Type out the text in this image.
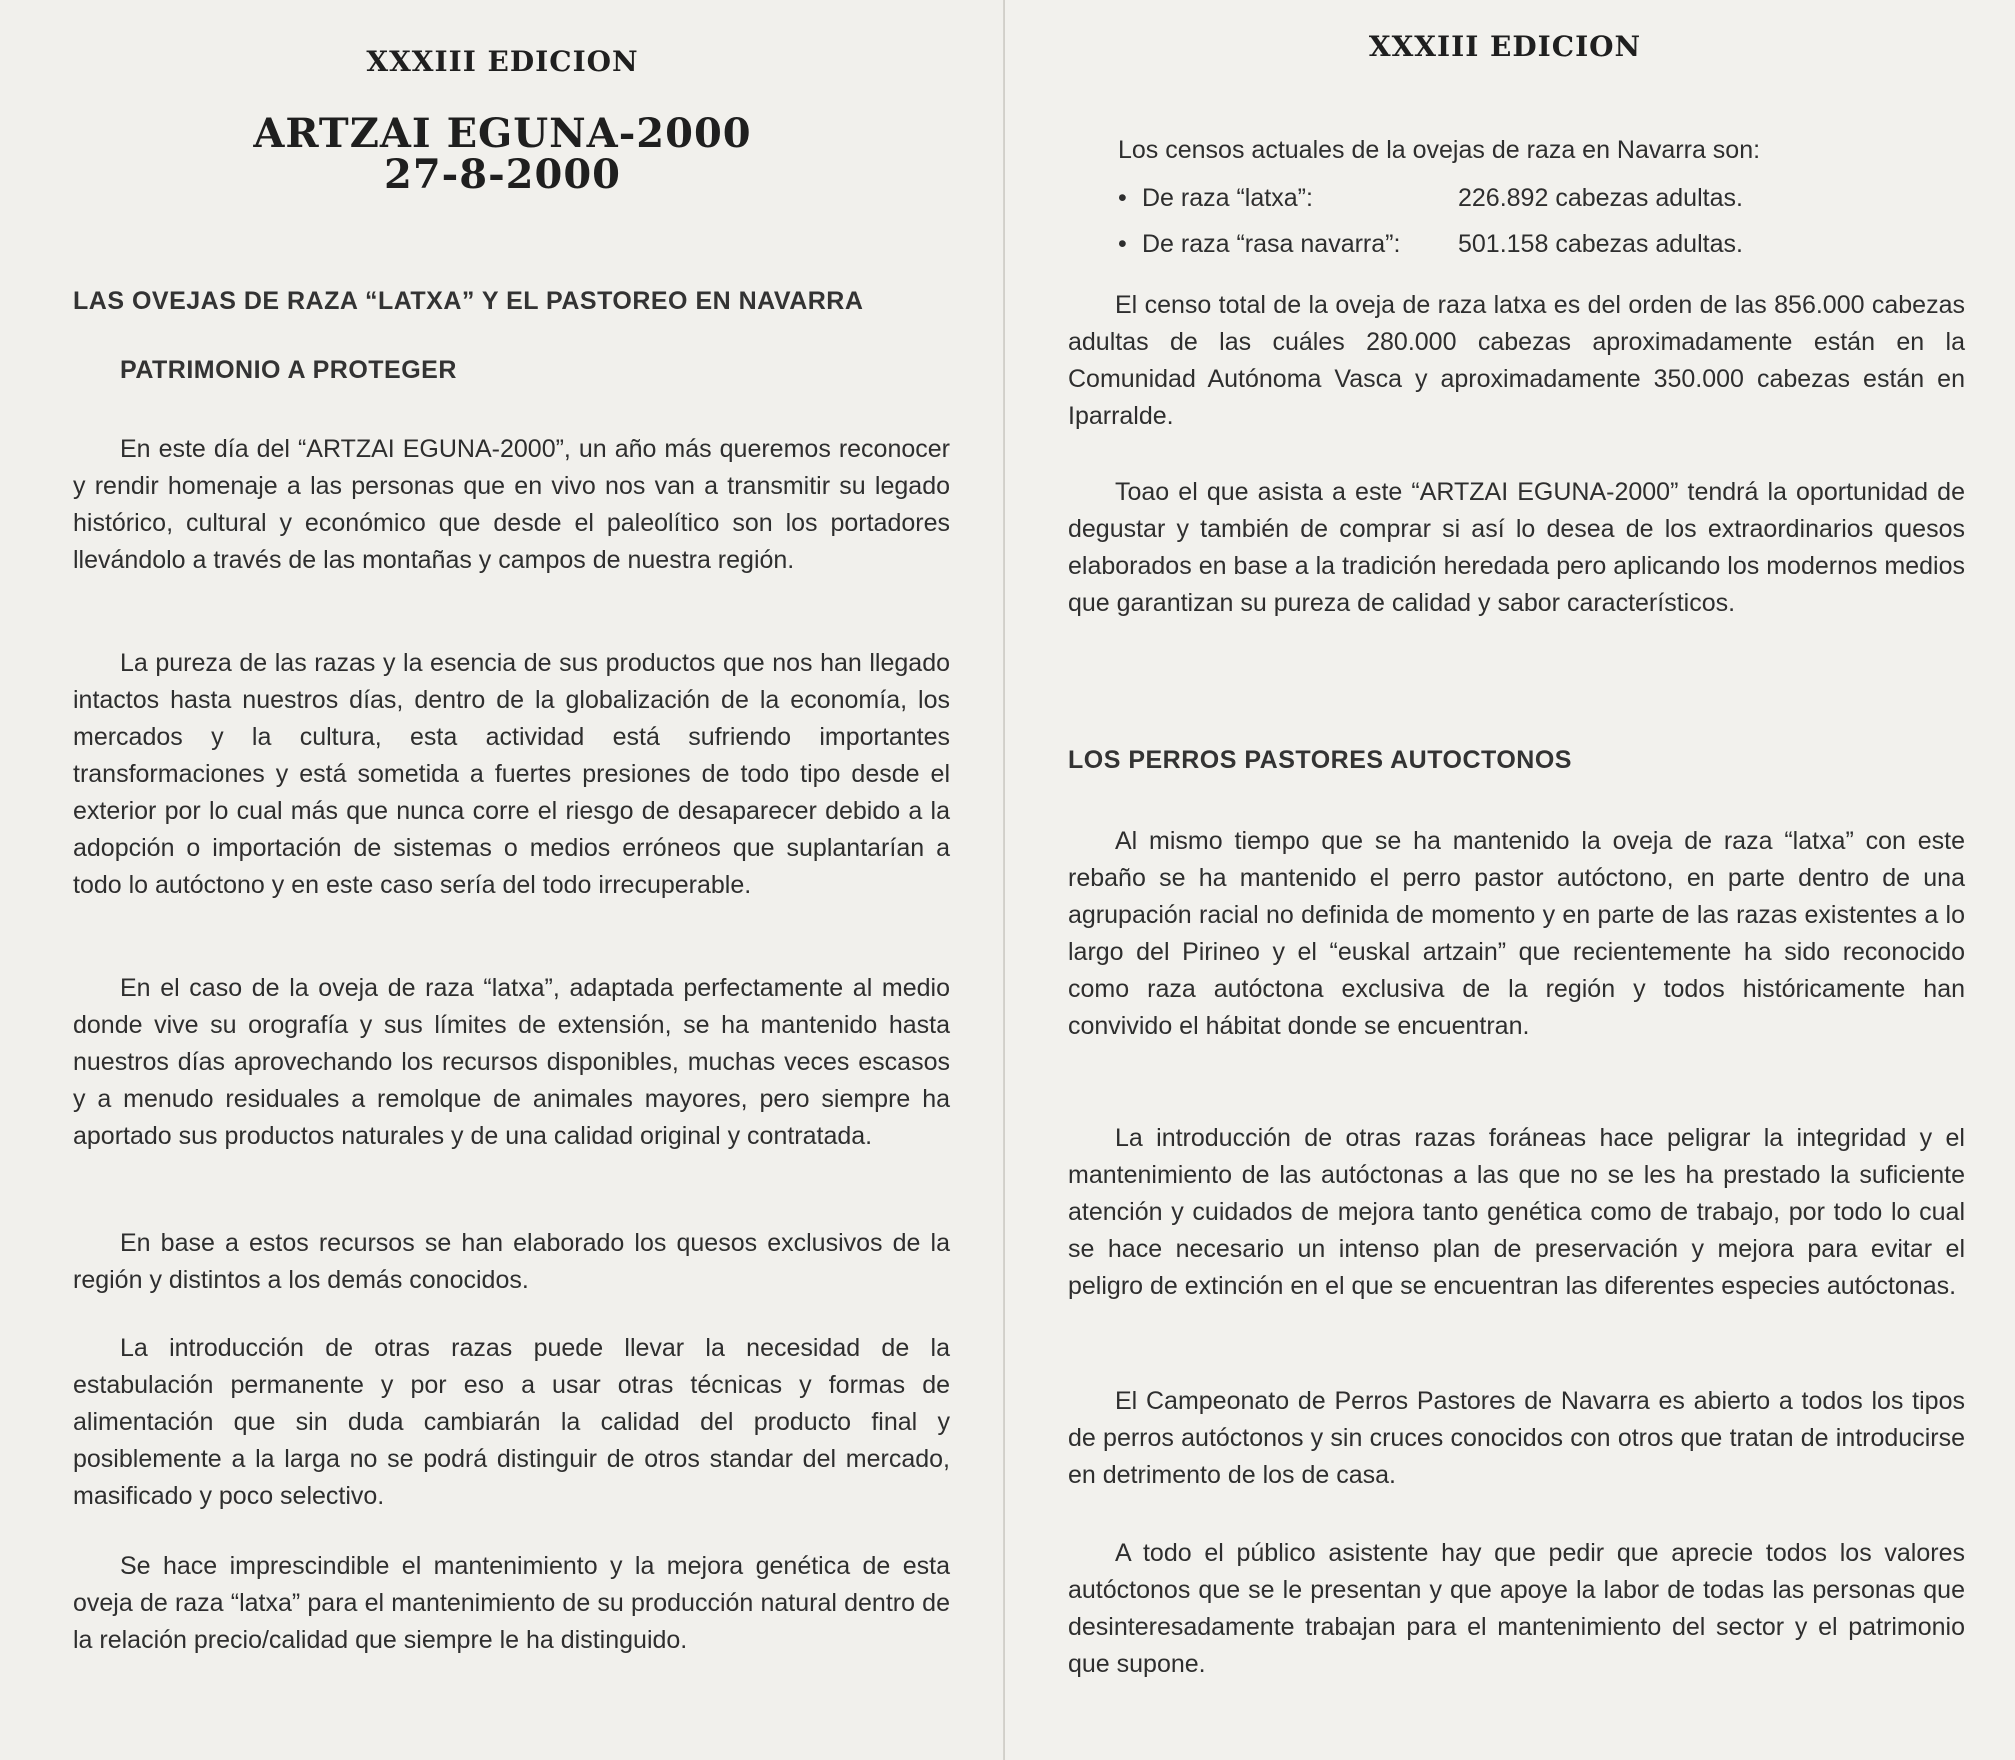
XXXIII EDICION
ARTZAI EGUNA-2000
27-8-2000
LAS OVEJAS DE RAZA “LATXA” Y EL PASTOREO EN NAVARRA
PATRIMONIO A PROTEGER
En este día del “ARTZAI EGUNA-2000”, un año más queremos reconocer y rendir homenaje a las personas que en vivo nos van a transmitir su legado histórico, cultural y económico que desde el paleolítico son los portadores llevándolo a través de las montañas y campos de nuestra región.
La pureza de las razas y la esencia de sus productos que nos han llegado intactos hasta nuestros días, dentro de la globalización de la economía, los mercados y la cultura, esta actividad está sufriendo importantes transformaciones y está sometida a fuertes presiones de todo tipo desde el exterior por lo cual más que nunca corre el riesgo de desaparecer debido a la adopción o importación de sistemas o medios erróneos que suplantarían a todo lo autóctono y en este caso sería del todo irrecuperable.
En el caso de la oveja de raza “latxa”, adaptada perfectamente al medio donde vive su orografía y sus límites de extensión, se ha mantenido hasta nuestros días aprovechando los recursos disponibles, muchas veces escasos y a menudo residuales a remolque de animales mayores, pero siempre ha aportado sus productos naturales y de una calidad original y contratada.
En base a estos recursos se han elaborado los quesos exclusivos de la región y distintos a los demás conocidos.
La introducción de otras razas puede llevar la necesidad de la estabulación permanente y por eso a usar otras técnicas y formas de alimentación que sin duda cambiarán la calidad del producto final y posiblemente a la larga no se podrá distinguir de otros standar del mercado, masificado y poco selectivo.
Se hace imprescindible el mantenimiento y la mejora genética de esta oveja de raza “latxa” para el mantenimiento de su producción natural dentro de la relación precio/calidad que siempre le ha distinguido.
XXXIII EDICION
Los censos actuales de la ovejas de raza en Navarra son:
• De raza “latxa”:	226.892 cabezas adultas.
• De raza “rasa navarra”: 501.158 cabezas adultas.
El censo total de la oveja de raza latxa es del orden de las 856.000 cabezas adultas de las cuáles 280.000 cabezas aproximadamente están en la Comunidad Autónoma Vasca y aproximadamente 350.000 cabezas están en Iparralde.
Toao el que asista a este “ARTZAI EGUNA-2000” tendrá la oportunidad de degustar y también de comprar si así lo desea de los extraordinarios quesos elaborados en base a la tradición heredada pero aplicando los modernos medios que garantizan su pureza de calidad y sabor característicos.
LOS PERROS PASTORES AUTOCTONOS
Al mismo tiempo que se ha mantenido la oveja de raza “latxa” con este rebaño se ha mantenido el perro pastor autóctono, en parte dentro de una agrupación racial no definida de momento y en parte de las razas existentes a lo largo del Pirineo y el “euskal artzain” que recientemente ha sido reconocido como raza autóctona exclusiva de la región y todos históricamente han convivido el hábitat donde se encuentran.
La introducción de otras razas foráneas hace peligrar la integridad y el mantenimiento de las autóctonas a las que no se les ha prestado la suficiente atención y cuidados de mejora tanto genética como de trabajo, por todo lo cual se hace necesario un intenso plan de preservación y mejora para evitar el peligro de extinción en el que se encuentran las diferentes especies autóctonas.
El Campeonato de Perros Pastores de Navarra es abierto a todos los tipos de perros autóctonos y sin cruces conocidos con otros que tratan de introducirse en detrimento de los de casa.
A todo el público asistente hay que pedir que aprecie todos los valores autóctonos que se le presentan y que apoye la labor de todas las personas que desinteresadamente trabajan para el mantenimiento del sector y el patrimonio que supone.
